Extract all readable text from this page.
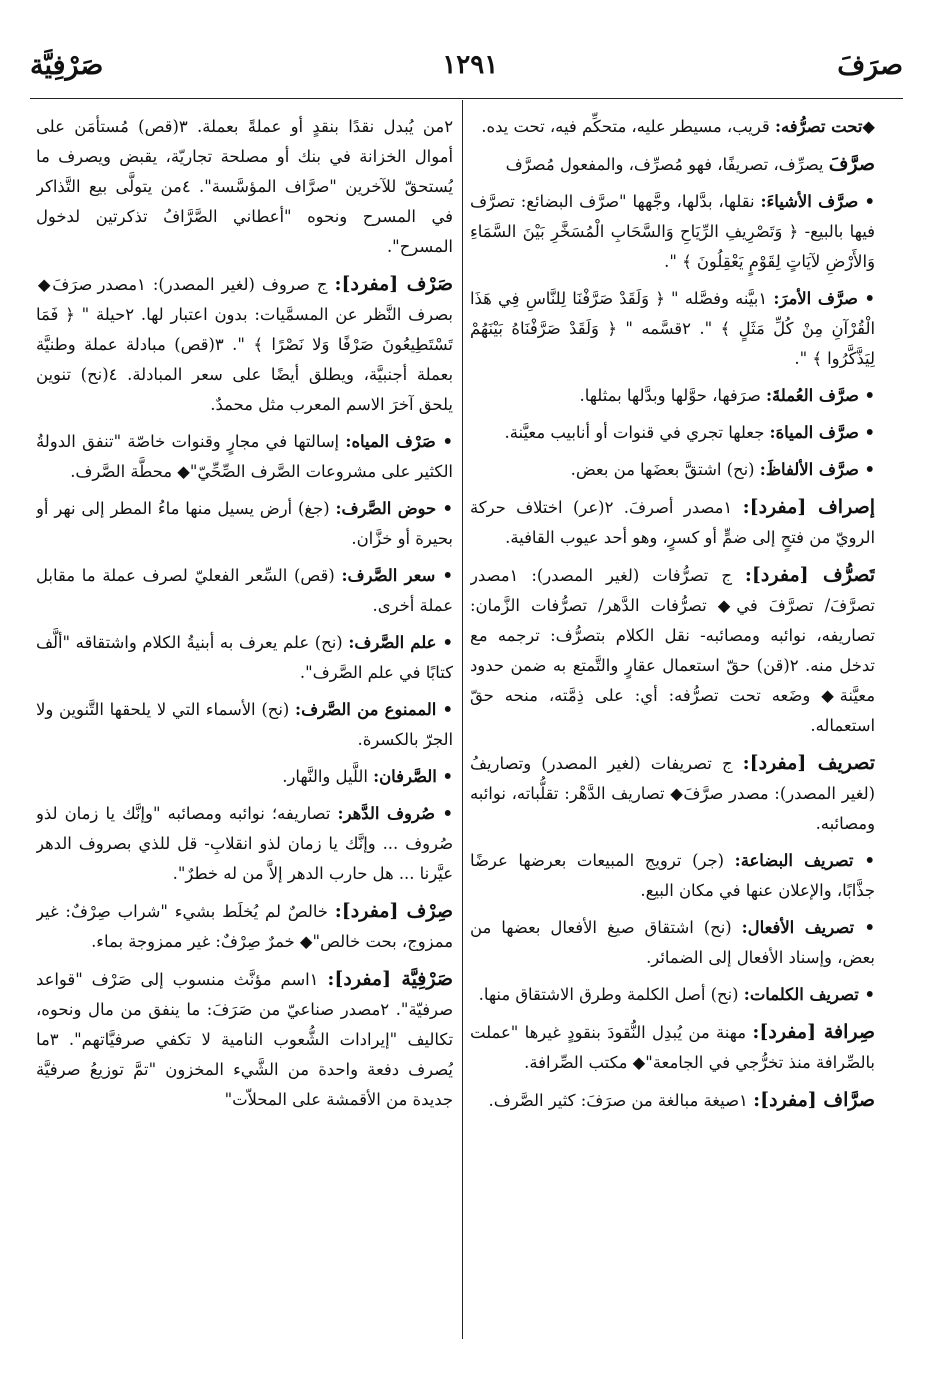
صرَفَ
١٢٩١
صَرْفِيَّة

◆تحت تصرُّفه: قريب، مسيطر عليه، متحكِّم فيه، تحت يده.

صرَّفَ يصرِّف، تصريفًا، فهو مُصرِّف، والمفعول مُصرَّف

• صرَّف الأشياءَ: نقلها، بدَّلها، وجَّهها "صرَّف البضائع: تصرَّف فيها بالبيع- ﴿ وَتَصْرِيفِ الرِّيَاحِ وَالسَّحَابِ الْمُسَخَّرِ بَيْنَ السَّمَاءِ وَالأَرْضِ لآيَاتٍ لِقَوْمٍ يَعْقِلُونَ ﴾ ".

• صرَّف الأمرَ: ١بيَّنه وفصَّله " ﴿ وَلَقَدْ صَرَّفْنَا لِلنَّاسِ فِي هَذَا الْقُرْآنِ مِنْ كُلِّ مَثَلٍ ﴾ ". ٢قسَّمه " ﴿ وَلَقَدْ صَرَّفْنَاهُ بَيْنَهُمْ لِيَذَّكَّرُوا ﴾ ".

• صرَّف العُملةَ: صرَفها، حوَّلها وبدَّلها بمثلها.

• صرَّف المياهَ: جعلها تجري في قنوات أو أنابيب معيَّنة.

• صرَّف الألفاظَ: (نح) اشتقَّ بعضَها من بعض.

إصراف [مفرد]: ١مصدر أصرفَ. ٢(عر) اختلاف حركة الرويّ من فتحٍ إلى ضمٍّ أو كسرٍ، وهو أحد عيوب القافية.

تَصرُّف [مفرد]: ج تصرُّفات (لغير المصدر): ١مصدر تصرَّفَ/ تصرَّفَ في◆ تصرُّفات الدَّهر/ تصرُّفات الزَّمان: تصاريفه، نوائبه ومصائبه- نقل الكلام بتصرُّف: ترجمه مع تدخل منه. ٢(قن) حقّ استعمال عقارٍ والتَّمتع به ضمن حدود معيَّنة◆ وضَعه تحت تصرُّفه: أي: على ذِمَّته، منحه حقّ استعماله.

تصريف [مفرد]: ج تصريفات (لغير المصدر) وتصاريفُ (لغير المصدر): مصدر صرَّفَ◆ تصاريف الدَّهْر: تقلُّباته، نوائبه ومصائبه.

• تصريف البضاعة: (جر) ترويج المبيعات بعرضها عرضًا جذَّابًا، والإعلان عنها في مكان البيع.

• تصريف الأفعال: (نح) اشتقاق صيغ الأفعال بعضها من بعض، وإسناد الأفعال إلى الضمائر.

• تصريف الكلمات: (نح) أصل الكلمة وطرق الاشتقاق منها.

صِرافة [مفرد]: مهنة من يُبدِل النُّقودَ بنقودٍ غيرها "عملت بالصِّرافة منذ تخرُّجي في الجامعة"◆ مكتب الصِّرافة.

صرَّاف [مفرد]: ١صيغة مبالغة من صرَفَ: كثير الصَّرف.

٢من يُبدل نقدًا بنقدٍ أو عملةً بعملة. ٣(قص) مُستأمَن على أموال الخزانة في بنك أو مصلحة تجاريّة، يقبض ويصرف ما يُستحقّ للآخرين "صرَّاف المؤسَّسة". ٤من يتولَّى بيع التَّذاكر في المسرح ونحوه "أعطاني الصَّرَّافُ تذكرتين لدخول المسرح".

صَرْف [مفرد]: ج صروف (لغير المصدر): ١مصدر صرَفَ◆ بصرف النَّظر عن المسمَّيات: بدون اعتبار لها. ٢حيلة " ﴿ فَمَا تَسْتَطِيعُونَ صَرْفًا وَلا نَصْرًا ﴾ ". ٣(قص) مبادلة عملة وطنيَّة بعملة أجنبيَّة، ويطلق أيضًا على سعر المبادلة. ٤(نح) تنوين يلحق آخرَ الاسم المعرب مثل محمدٌ.

• صَرْف المياه: إسالتها في مجارٍ وقنوات خاصّة "تنفق الدولةُ الكثير على مشروعات الصَّرف الصِّحِّيّ"◆ محطَّة الصَّرف.

• حوض الصَّرف: (جغ) أرض يسيل منها ماءُ المطر إلى نهر أو بحيرة أو خزَّان.

• سعر الصَّرف: (قص) السِّعر الفعليّ لصرف عملة ما مقابل عملة أخرى.

• علم الصَّرف: (نح) علم يعرف به أبنيةُ الكلام واشتقاقه "ألَّف كتابًا في علم الصَّرف".

• الممنوع من الصَّرف: (نح) الأسماء التي لا يلحقها التَّنوين ولا الجرّ بالكسرة.

• الصَّرفان: اللَّيل والنَّهار.

• صُروف الدَّهر: تصاريفه؛ نوائبه ومصائبه "وإنَّك يا زمان لذو صُروف ... وإنَّك يا زمان لذو انقلابِ- قل للذي بصروف الدهر عيَّرنا ... هل حارب الدهر إلاَّ من له خطرٌ".

صِرْف [مفرد]: خالصٌ لم يُخلَط بشيء "شراب صِرْفٌ: غير ممزوج، بحت خالص"◆ خمرٌ صِرْفٌ: غير ممزوجة بماء.

صَرْفِيَّة [مفرد]: ١اسم مؤنَّث منسوب إلى صَرْف "قواعد صرفيّة". ٢مصدر صناعيّ من صَرَفَ: ما ينفق من مال ونحوه، تكاليف "إيرادات الشُّعوب النامية لا تكفي صرفيَّاتهم". ٣ما يُصرف دفعة واحدة من الشَّيء المخزون "تمَّ توزيعُ صرفيَّة جديدة من الأقمشة على المحلاّت"
